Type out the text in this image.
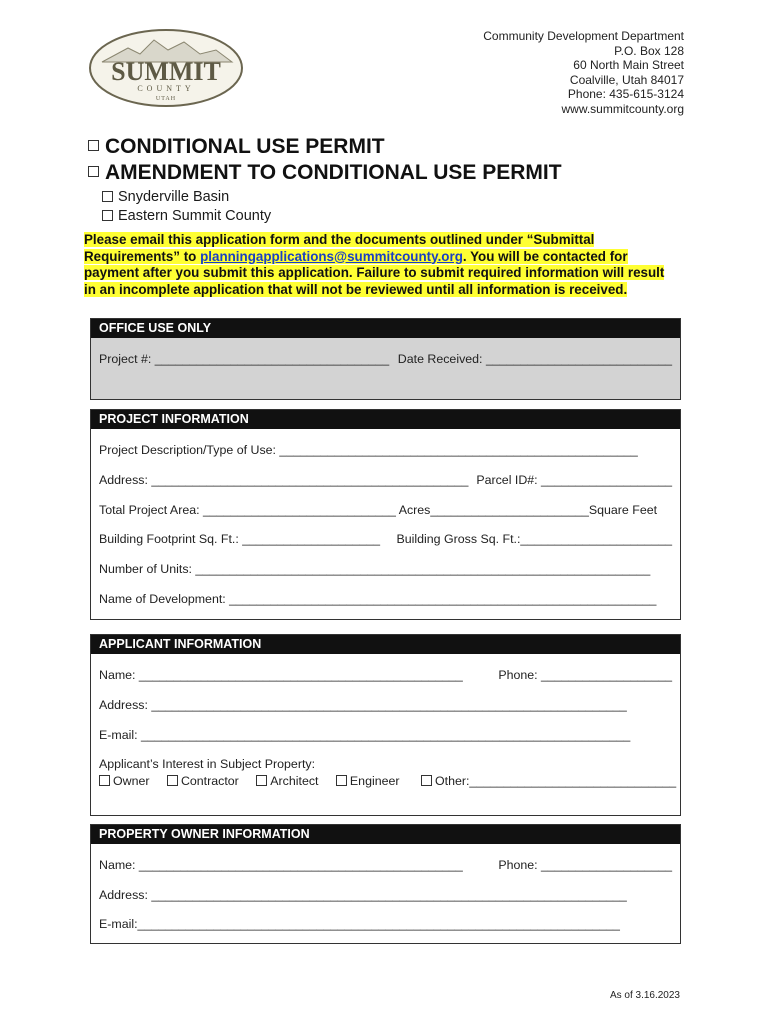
SUMMIT
COUNTY
UTAH
Community Development Department
P.O. Box 128
60 North Main Street
Coalville, Utah 84017
Phone: 435-615-3124
www.summitcounty.org
CONDITIONAL USE PERMIT
AMENDMENT TO CONDITIONAL USE PERMIT
Snyderville Basin
Eastern Summit County
Please email this application form and the documents outlined under “Submittal Requirements” to planningapplications@summitcounty.org. You will be contacted for payment after you submit this application. Failure to submit required information will result in an incomplete application that will not be reviewed until all information is received.
OFFICE USE ONLY
Project #: __________________________________ Date Received: ___________________________
PROJECT INFORMATION
Project Description/Type of Use: ____________________________________________________
Address: ______________________________________________ Parcel ID#: ___________________
Total Project Area: ____________________________ Acres_______________________Square Feet
Building Footprint Sq. Ft.: ____________________ Building Gross Sq. Ft.:______________________
Number of Units: __________________________________________________________________
Name of Development: ______________________________________________________________
APPLICANT INFORMATION
Name: _______________________________________________	Phone: ___________________
Address: _____________________________________________________________________
E-mail: _______________________________________________________________________
Applicant’s Interest in Subject Property:
Owner	Contractor	Architect	Engineer	Other:______________________________
PROPERTY OWNER INFORMATION
Name: _______________________________________________	Phone: ___________________
Address: _____________________________________________________________________
E-mail:______________________________________________________________________
As of 3.16.2023
